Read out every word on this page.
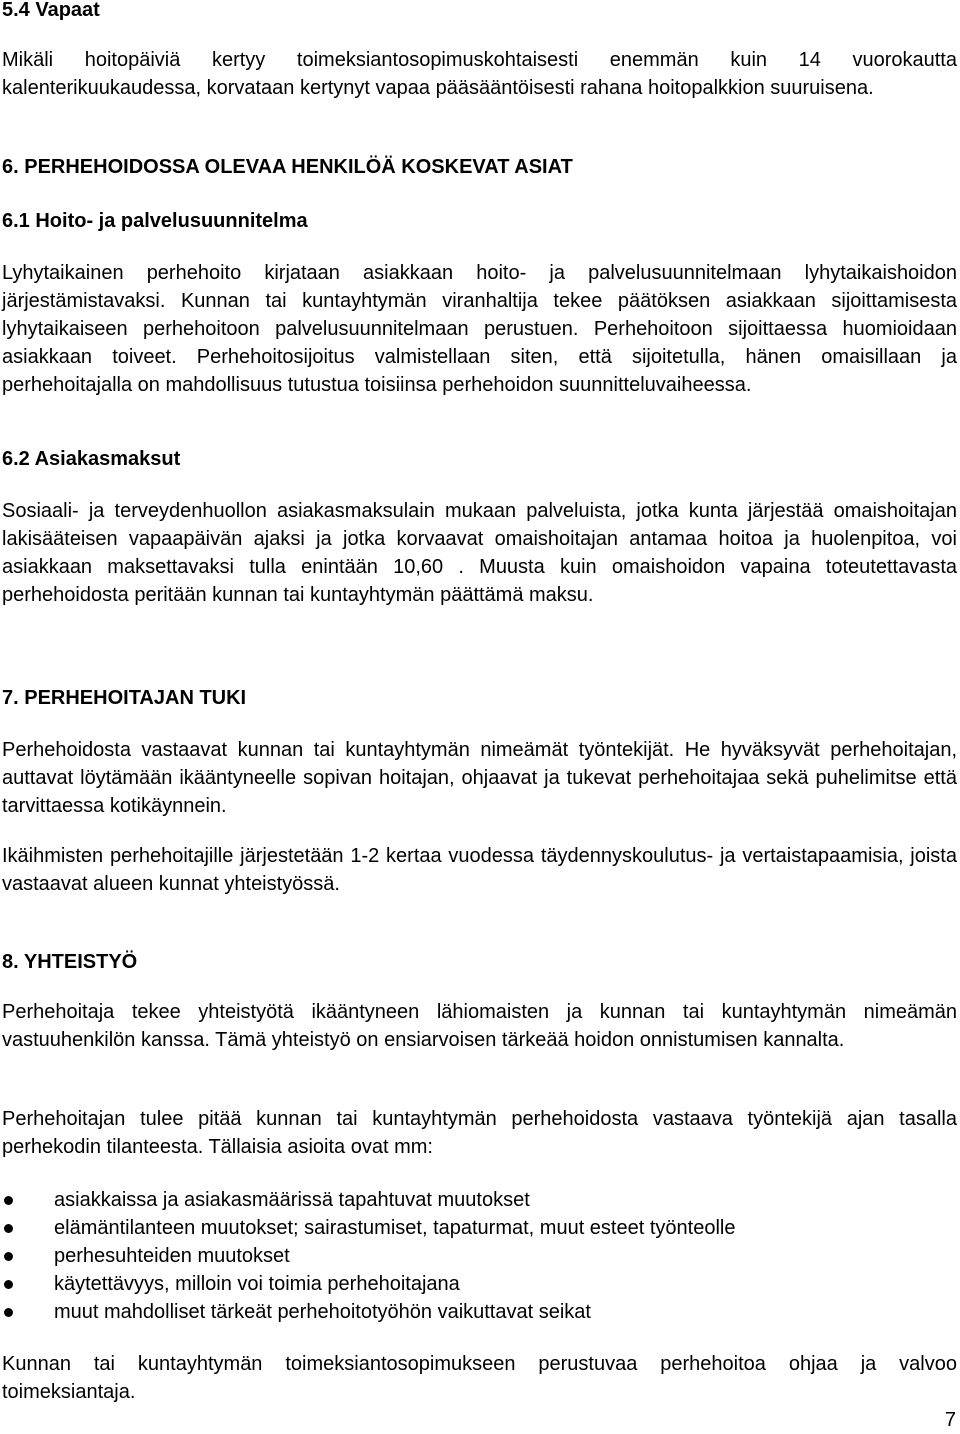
5.4 Vapaat

Mikäli hoitopäiviä kertyy toimeksiantosopimuskohtaisesti enemmän kuin 14 vuorokautta kalenterikuukaudessa, korvataan kertynyt vapaa pääsääntöisesti rahana hoitopalkkion suuruisena.

6. PERHEHOIDOSSA OLEVAA HENKILÖÄ KOSKEVAT ASIAT
6.1 Hoito- ja palvelusuunnitelma

Lyhytaikainen perhehoito kirjataan asiakkaan hoito- ja palvelusuunnitelmaan lyhytaikaishoidon järjestämistavaksi. Kunnan tai kuntayhtymän viranhaltija tekee päätöksen asiakkaan sijoittamisesta lyhytaikaiseen perhehoitoon palvelusuunnitelmaan perustuen. Perhehoitoon sijoittaessa huomioidaan asiakkaan toiveet. Perhehoitosijoitus valmistellaan siten, että sijoitetulla, hänen omaisillaan ja perhehoitajalla on mahdollisuus tutustua toisiinsa perhehoidon suunnitteluvaiheessa.

6.2 Asiakasmaksut

Sosiaali- ja terveydenhuollon asiakasmaksulain mukaan palveluista, jotka kunta järjestää omaishoitajan lakisääteisen vapaapäivän ajaksi ja jotka korvaavat omaishoitajan antamaa hoitoa ja huolenpitoa, voi asiakkaan maksettavaksi tulla enintään 10,60 . Muusta kuin omaishoidon vapaina toteutettavasta perhehoidosta peritään kunnan tai kuntayhtymän päättämä maksu.

7. PERHEHOITAJAN TUKI

Perhehoidosta vastaavat kunnan tai kuntayhtymän nimeämät työntekijät. He hyväksyvät perhehoitajan, auttavat löytämään ikääntyneelle sopivan hoitajan, ohjaavat ja tukevat perhehoitajaa sekä puhelimitse että tarvittaessa kotikäynnein.

Ikäihmisten perhehoitajille järjestetään 1-2 kertaa vuodessa täydennyskoulutus- ja vertaistapaamisia, joista vastaavat alueen kunnat yhteistyössä.

8. YHTEISTYÖ

Perhehoitaja tekee yhteistyötä ikääntyneen lähiomaisten ja kunnan tai kuntayhtymän nimeämän vastuuhenkilön kanssa. Tämä yhteistyö on ensiarvoisen tärkeää hoidon onnistumisen kannalta.

Perhehoitajan tulee pitää kunnan tai kuntayhtymän perhehoidosta vastaava työntekijä ajan tasalla perhekodin tilanteesta. Tällaisia asioita ovat mm:

asiakkaissa ja asiakasmäärissä tapahtuvat muutokset
elämäntilanteen muutokset; sairastumiset, tapaturmat, muut esteet työnteolle
perhesuhteiden muutokset
käytettävyys, milloin voi toimia perhehoitajana
muut mahdolliset tärkeät perhehoitotyöhön vaikuttavat seikat

Kunnan tai kuntayhtymän toimeksiantosopimukseen perustuvaa perhehoitoa ohjaa ja valvoo toimeksiantaja.

7
